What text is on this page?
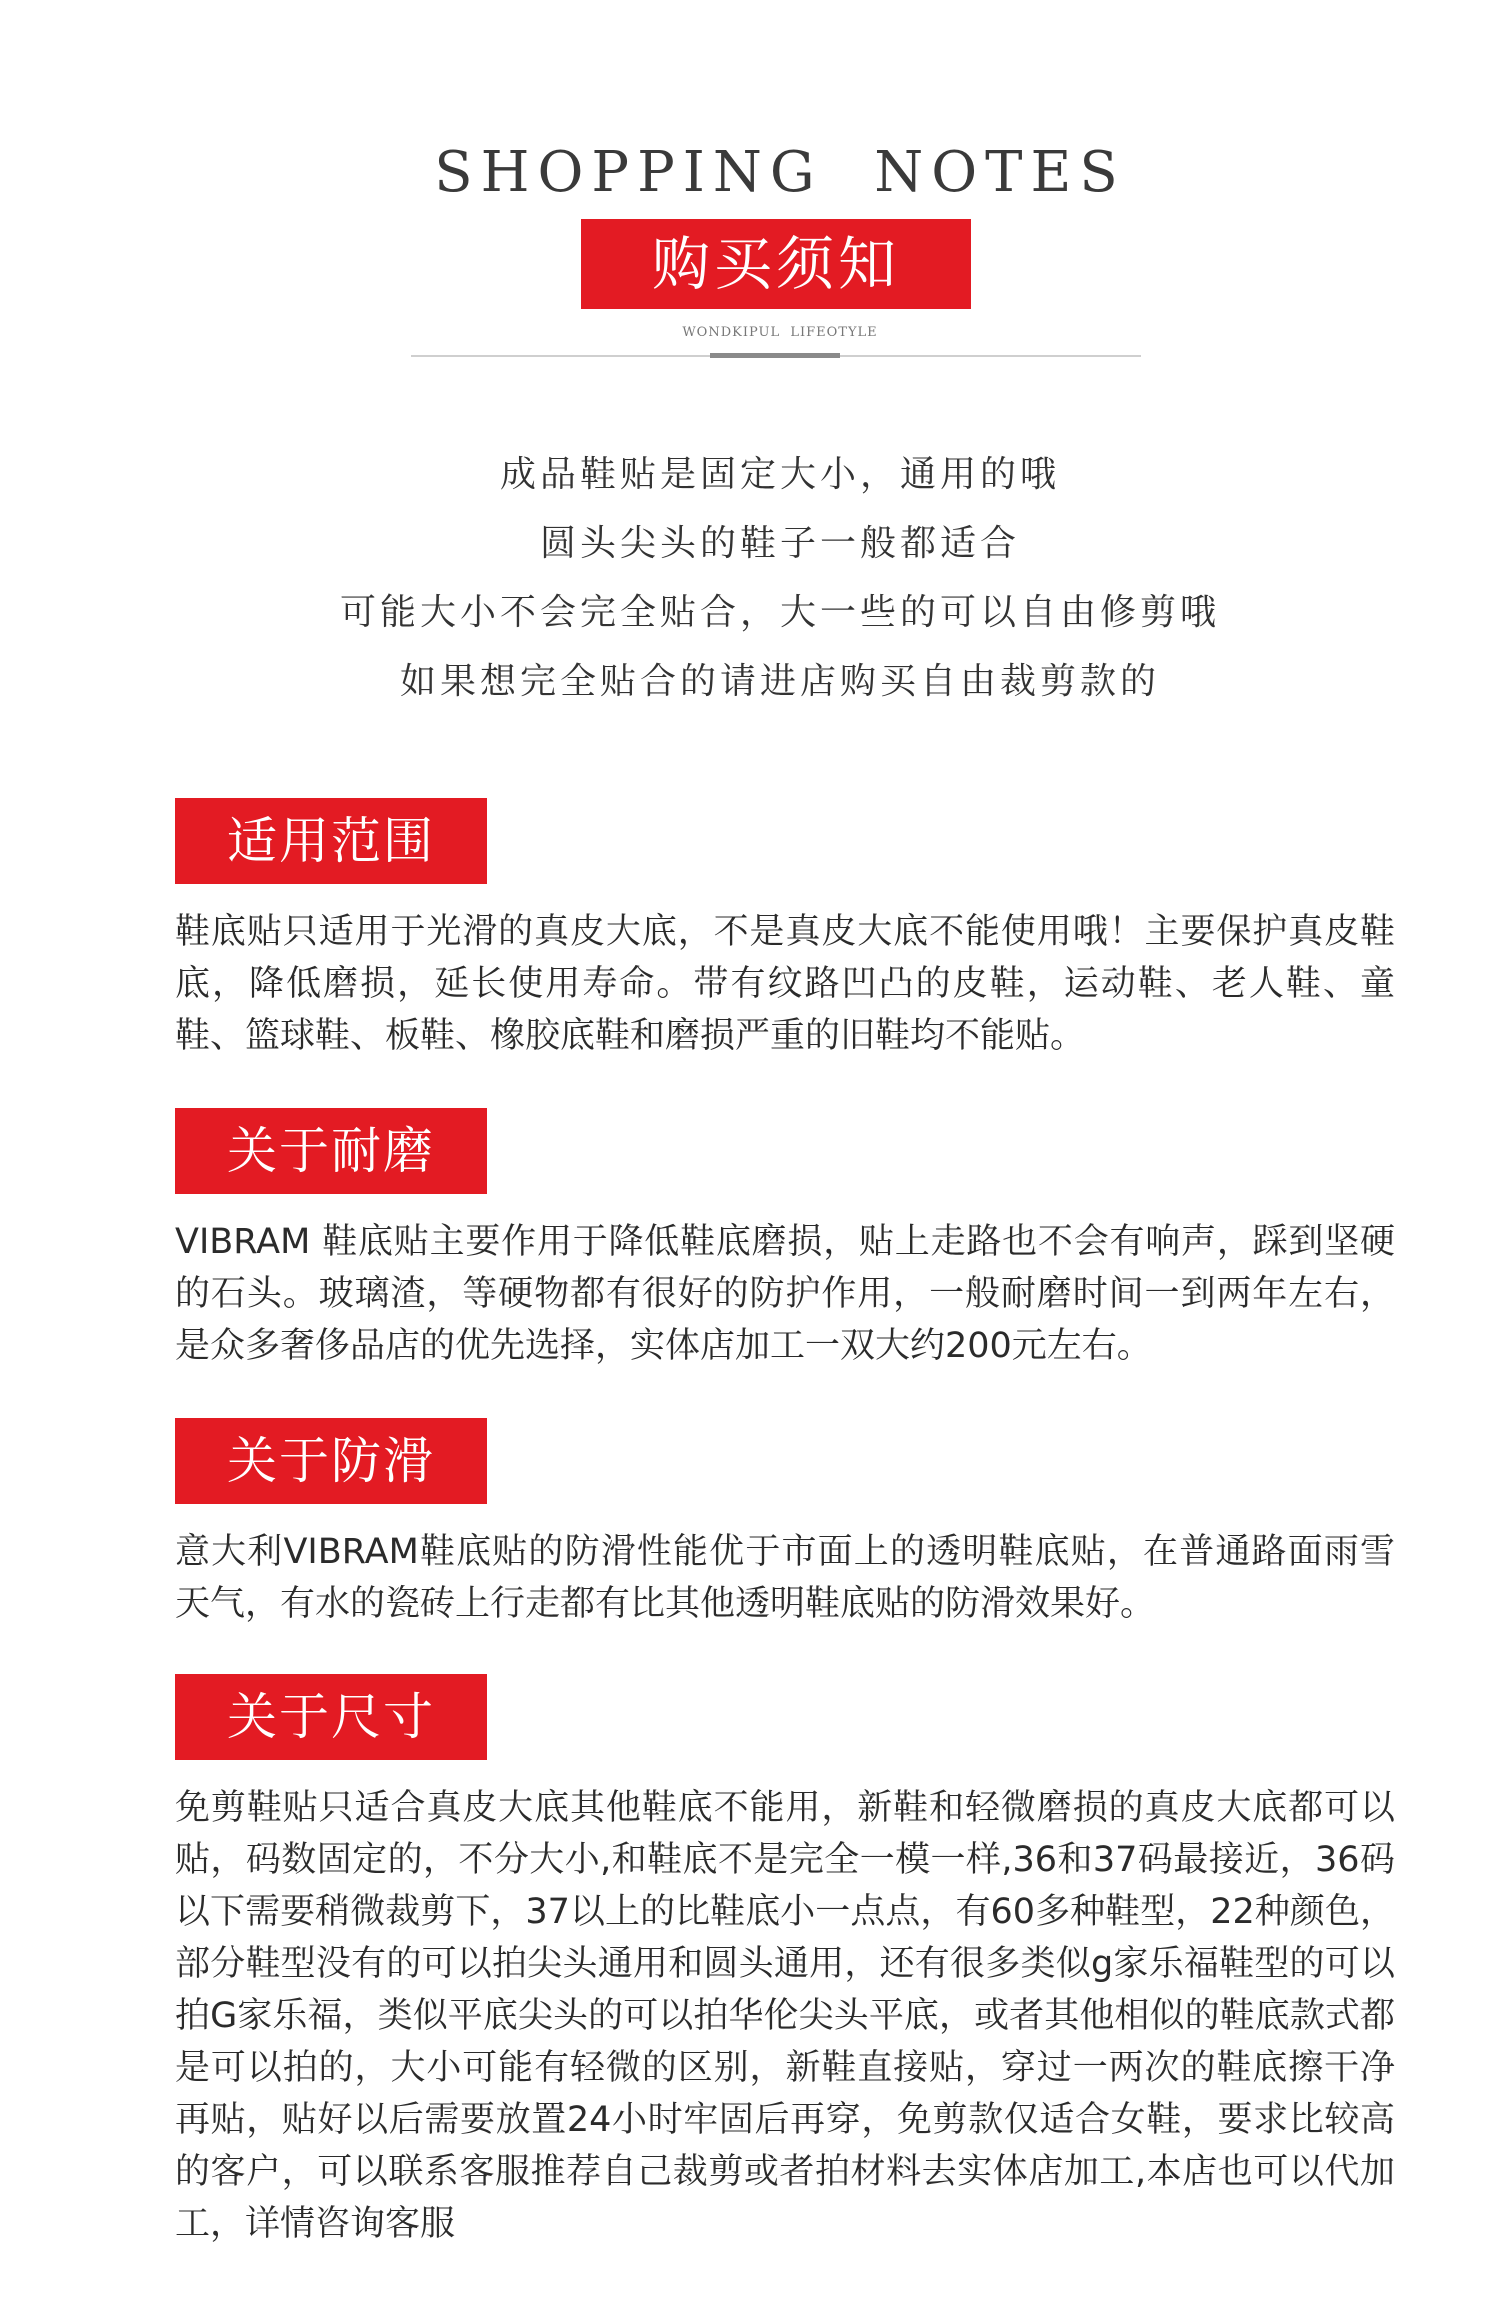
SHOPPING  NOTES
购买须知
WONDKIPUL  LIFEOTYLE
成品鞋贴是固定大小，通用的哦
圆头尖头的鞋子一般都适合
可能大小不会完全贴合，大一些的可以自由修剪哦
如果想完全贴合的请进店购买自由裁剪款的
适用范围
鞋底贴只适用于光滑的真皮大底，不是真皮大底不能使用哦！主要保护真皮鞋底，降低磨损，延长使用寿命。带有纹路凹凸的皮鞋，运动鞋、老人鞋、童鞋、篮球鞋、板鞋、橡胶底鞋和磨损严重的旧鞋均不能贴。
关于耐磨
VIBRAM 鞋底贴主要作用于降低鞋底磨损，贴上走路也不会有响声，踩到坚硬的石头。玻璃渣，等硬物都有很好的防护作用，一般耐磨时间一到两年左右，是众多奢侈品店的优先选择，实体店加工一双大约200元左右。
关于防滑
意大利VIBRAM鞋底贴的防滑性能优于市面上的透明鞋底贴，在普通路面雨雪天气，有水的瓷砖上行走都有比其他透明鞋底贴的防滑效果好。
关于尺寸
免剪鞋贴只适合真皮大底其他鞋底不能用，新鞋和轻微磨损的真皮大底都可以贴，码数固定的，不分大小,和鞋底不是完全一模一样,36和37码最接近，36码以下需要稍微裁剪下，37以上的比鞋底小一点点，有60多种鞋型，22种颜色，部分鞋型没有的可以拍尖头通用和圆头通用，还有很多类似g家乐福鞋型的可以拍G家乐福，类似平底尖头的可以拍华伦尖头平底，或者其他相似的鞋底款式都是可以拍的，大小可能有轻微的区别，新鞋直接贴，穿过一两次的鞋底擦干净再贴，贴好以后需要放置24小时牢固后再穿，免剪款仅适合女鞋，要求比较高的客户，可以联系客服推荐自己裁剪或者拍材料去实体店加工,本店也可以代加工，详情咨询客服
